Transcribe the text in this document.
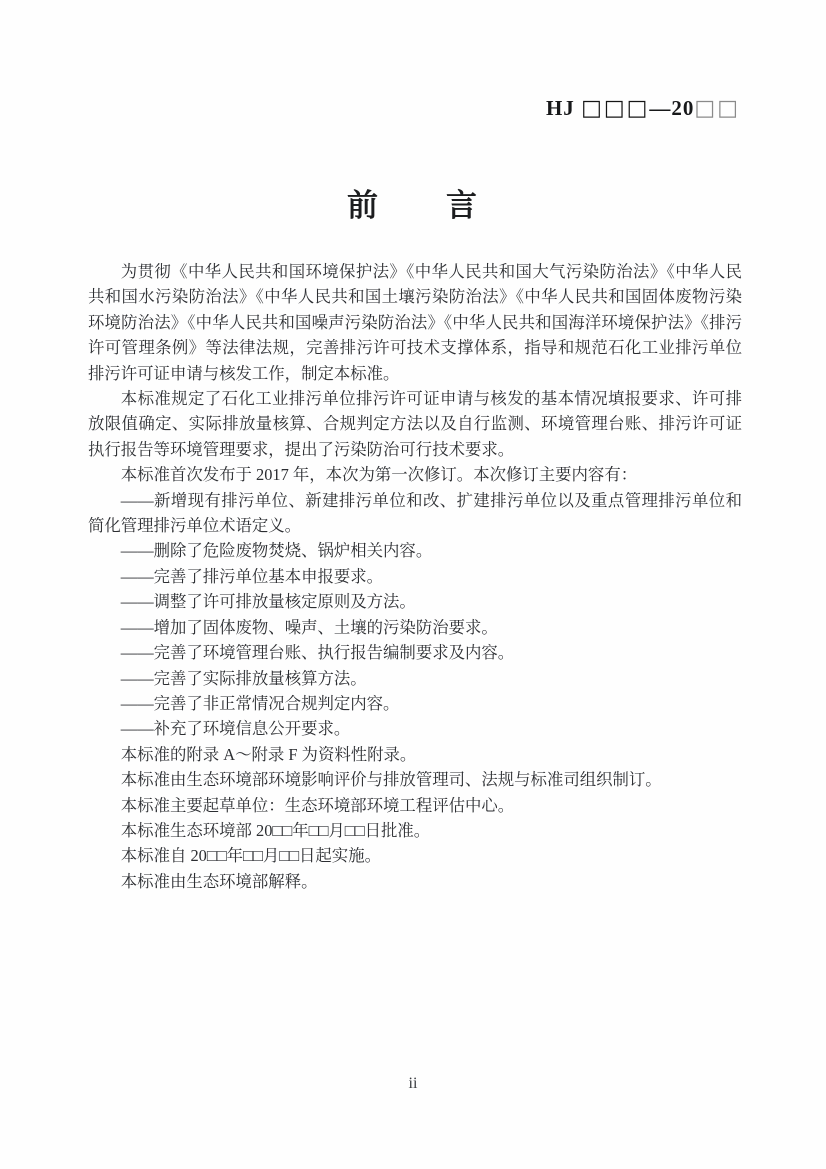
HJ □□□—20□□
前　　言

为贯彻《中华人民共和国环境保护法》《中华人民共和国大气污染防治法》《中华人民共和国水污染防治法》《中华人民共和国土壤污染防治法》《中华人民共和国固体废物污染环境防治法》《中华人民共和国噪声污染防治法》《中华人民共和国海洋环境保护法》《排污许可管理条例》等法律法规，完善排污许可技术支撑体系，指导和规范石化工业排污单位排污许可证申请与核发工作，制定本标准。

本标准规定了石化工业排污单位排污许可证申请与核发的基本情况填报要求、许可排放限值确定、实际排放量核算、合规判定方法以及自行监测、环境管理台账、排污许可证执行报告等环境管理要求，提出了污染防治可行技术要求。

本标准首次发布于 2017 年，本次为第一次修订。本次修订主要内容有：

——新增现有排污单位、新建排污单位和改、扩建排污单位以及重点管理排污单位和简化管理排污单位术语定义。

——删除了危险废物焚烧、锅炉相关内容。

——完善了排污单位基本申报要求。

——调整了许可排放量核定原则及方法。

——增加了固体废物、噪声、土壤的污染防治要求。

——完善了环境管理台账、执行报告编制要求及内容。

——完善了实际排放量核算方法。

——完善了非正常情况合规判定内容。

——补充了环境信息公开要求。

本标准的附录 A～附录 F 为资料性附录。

本标准由生态环境部环境影响评价与排放管理司、法规与标准司组织制订。

本标准主要起草单位：生态环境部环境工程评估中心。

本标准生态环境部 20□□年□□月□□日批准。

本标准自 20□□年□□月□□日起实施。

本标准由生态环境部解释。

ii
